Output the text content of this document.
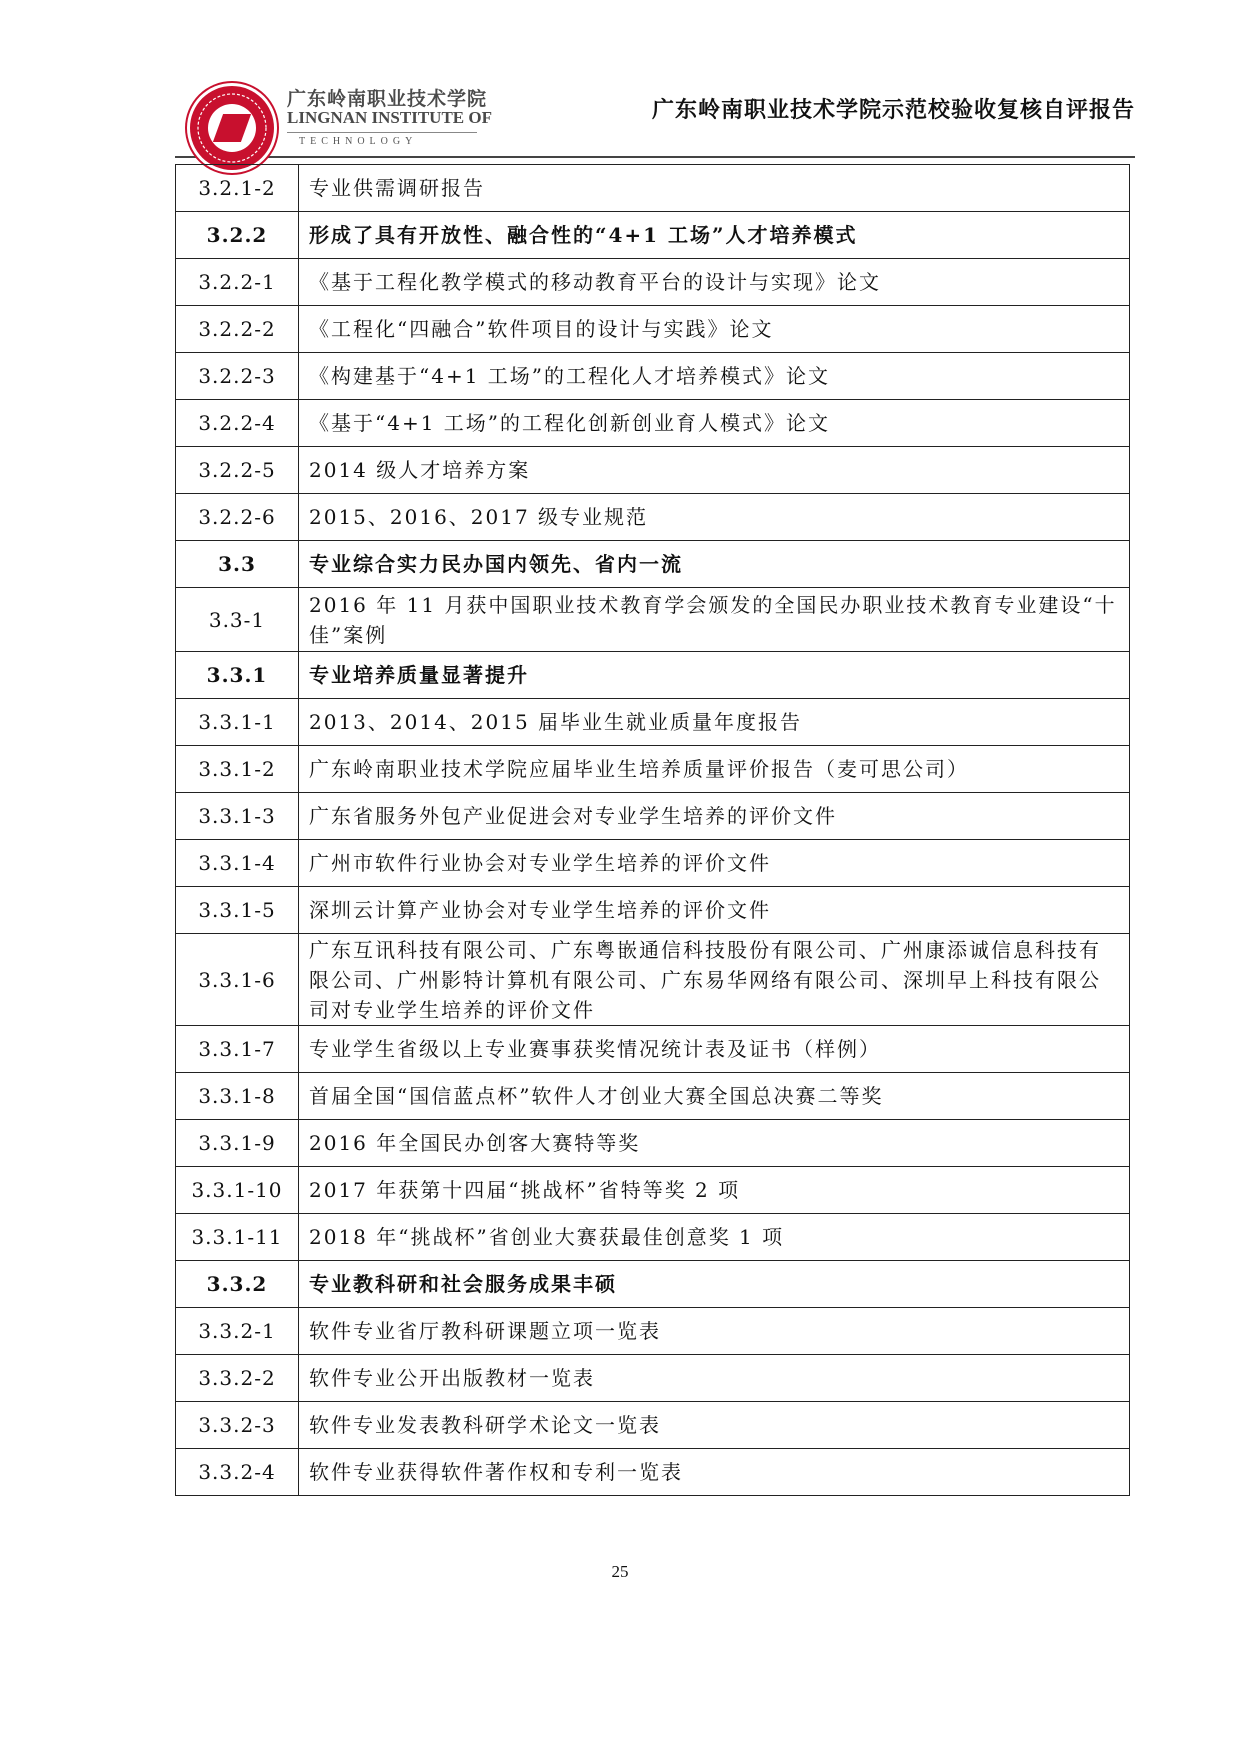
广东岭南职业技术学院
LINGNAN INSTITUTE OF
TECHNOLOGY
广东岭南职业技术学院示范校验收复核自评报告
3.2.1-2	专业供需调研报告
3.2.2	形成了具有开放性、融合性的“4+1 工场”人才培养模式
3.2.2-1	《基于工程化教学模式的移动教育平台的设计与实现》论文
3.2.2-2	《工程化“四融合”软件项目的设计与实践》论文
3.2.2-3	《构建基于“4+1 工场”的工程化人才培养模式》论文
3.2.2-4	《基于“4+1 工场”的工程化创新创业育人模式》论文
3.2.2-5	2014 级人才培养方案
3.2.2-6	2015、2016、2017 级专业规范
3.3	专业综合实力民办国内领先、省内一流
3.3-1	2016 年 11 月获中国职业技术教育学会颁发的全国民办职业技术教育专业建设“十佳”案例
3.3.1	专业培养质量显著提升
3.3.1-1	2013、2014、2015 届毕业生就业质量年度报告
3.3.1-2	广东岭南职业技术学院应届毕业生培养质量评价报告（麦可思公司）
3.3.1-3	广东省服务外包产业促进会对专业学生培养的评价文件
3.3.1-4	广州市软件行业协会对专业学生培养的评价文件
3.3.1-5	深圳云计算产业协会对专业学生培养的评价文件
3.3.1-6	广东互讯科技有限公司、广东粤嵌通信科技股份有限公司、广州康添诚信息科技有限公司、广州影特计算机有限公司、广东易华网络有限公司、深圳早上科技有限公司对专业学生培养的评价文件
3.3.1-7	专业学生省级以上专业赛事获奖情况统计表及证书（样例）
3.3.1-8	首届全国“国信蓝点杯”软件人才创业大赛全国总决赛二等奖
3.3.1-9	2016 年全国民办创客大赛特等奖
3.3.1-10	2017 年获第十四届“挑战杯”省特等奖 2 项
3.3.1-11	2018 年“挑战杯”省创业大赛获最佳创意奖 1 项
3.3.2	专业教科研和社会服务成果丰硕
3.3.2-1	软件专业省厅教科研课题立项一览表
3.3.2-2	软件专业公开出版教材一览表
3.3.2-3	软件专业发表教科研学术论文一览表
3.3.2-4	软件专业获得软件著作权和专利一览表
25
